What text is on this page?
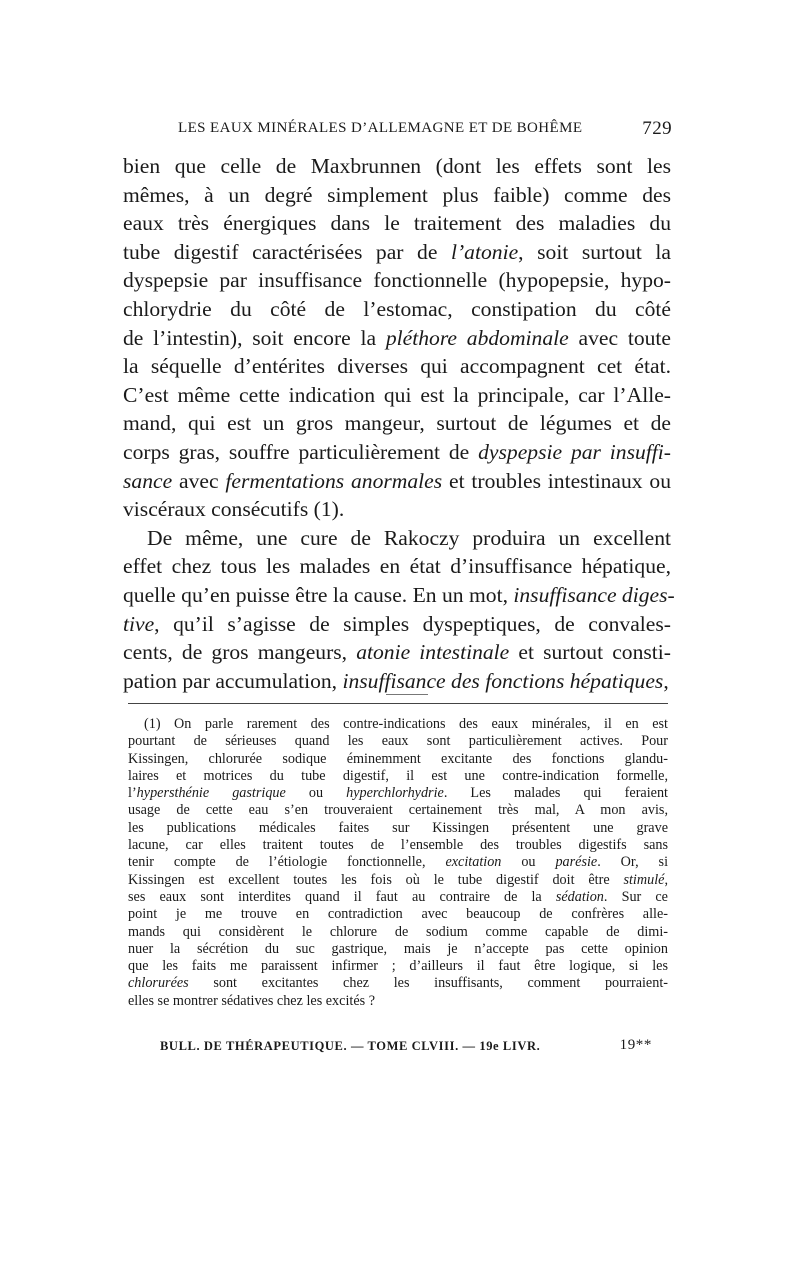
LES EAUX MINÉRALES D’ALLEMAGNE ET DE BOHÊME	729
bien que celle de Maxbrunnen (dont les effets sont les
mêmes, à un degré simplement plus faible) comme des
eaux très énergiques dans le traitement des maladies du
tube digestif caractérisées par de l’atonie, soit surtout la
dyspepsie par insuffisance fonctionnelle (hypopepsie, hypo-
chlorydrie du côté de l’estomac, constipation du côté
de l’intestin), soit encore la pléthore abdominale avec toute
la séquelle d’entérites diverses qui accompagnent cet état.
C’est même cette indication qui est la principale, car l’Alle-
mand, qui est un gros mangeur, surtout de légumes et de
corps gras, souffre particulièrement de dyspepsie par insuffi-
sance avec fermentations anormales et troubles intestinaux ou
viscéraux consécutifs (1).
De même, une cure de Rakoczy produira un excellent
effet chez tous les malades en état d’insuffisance hépatique,
quelle qu’en puisse être la cause. En un mot, insuffisance diges-
tive, qu’il s’agisse de simples dyspeptiques, de convales-
cents, de gros mangeurs, atonie intestinale et surtout consti-
pation par accumulation, insuffisance des fonctions hépatiques,
(1) On parle rarement des contre-indications des eaux minérales, il en est
pourtant de sérieuses quand les eaux sont particulièrement actives. Pour
Kissingen, chlorurée sodique éminemment excitante des fonctions glandu-
laires et motrices du tube digestif, il est une contre-indication formelle,
l’hypersthénie gastrique ou hyperchlorhydrie. Les malades qui feraient
usage de cette eau s’en trouveraient certainement très mal, A mon avis,
les publications médicales faites sur Kissingen présentent une grave
lacune, car elles traitent toutes de l’ensemble des troubles digestifs sans
tenir compte de l’étiologie fonctionnelle, excitation ou parésie. Or, si
Kissingen est excellent toutes les fois où le tube digestif doit être stimulé,
ses eaux sont interdites quand il faut au contraire de la sédation. Sur ce
point je me trouve en contradiction avec beaucoup de confrères alle-
mands qui considèrent le chlorure de sodium comme capable de dimi-
nuer la sécrétion du suc gastrique, mais je n’accepte pas cette opinion
que les faits me paraissent infirmer ; d’ailleurs il faut être logique, si les
chlorurées sont excitantes chez les insuffisants, comment pourraient-
elles se montrer sédatives chez les excités ?
BULL. DE THÉRAPEUTIQUE. — TOME CLVIII. — 19e LIVR.	19**
